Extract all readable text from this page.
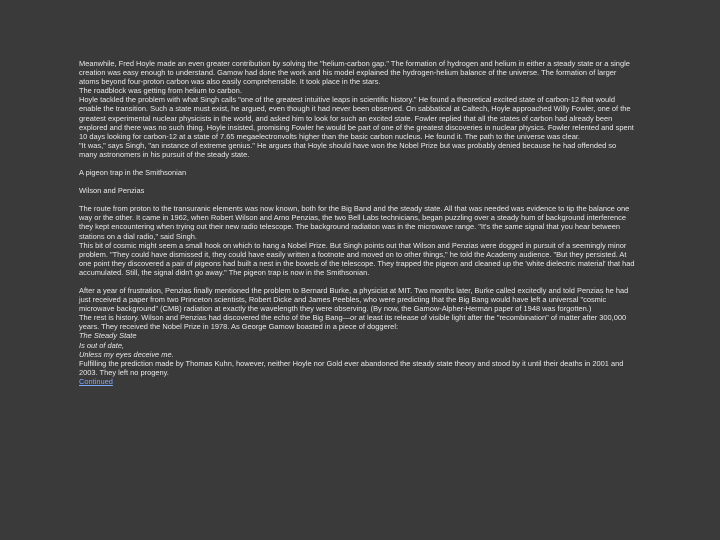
Meanwhile, Fred Hoyle made an even greater contribution by solving the "helium-carbon gap." The formation of hydrogen and helium in either a steady state or a single creation was easy enough to understand. Gamow had done the work and his model explained the hydrogen-helium balance of the universe. The formation of larger atoms beyond four-proton carbon was also easily comprehensible. It took place in the stars.

The roadblock was getting from helium to carbon.

Hoyle tackled the problem with what Singh calls "one of the greatest intuitive leaps in scientific history." He found a theoretical excited state of carbon-12 that would enable the transition. Such a state must exist, he argued, even though it had never been observed. On sabbatical at Caltech, Hoyle approached Willy Fowler, one of the greatest experimental nuclear physicists in the world, and asked him to look for such an excited state. Fowler replied that all the states of carbon had already been explored and there was no such thing. Hoyle insisted, promising Fowler he would be part of one of the greatest discoveries in nuclear physics. Fowler relented and spent 10 days looking for carbon-12 at a state of 7.65 megaelectronvolts higher than the basic carbon nucleus. He found it. The path to the universe was clear.

"It was," says Singh, "an instance of extreme genius." He argues that Hoyle should have won the Nobel Prize but was probably denied because he had offended so many astronomers in his pursuit of the steady state.

A pigeon trap in the Smithsonian

Wilson and Penzias

The route from proton to the transuranic elements was now known, both for the Big Band and the steady state. All that was needed was evidence to tip the balance one way or the other. It came in 1962, when Robert Wilson and Arno Penzias, the two Bell Labs technicians, began puzzling over a steady hum of background interference they kept encountering when trying out their new radio telescope. The background radiation was in the microwave range. "It's the same signal that you hear between stations on a dial radio," said Singh.

This bit of cosmic might seem a small hook on which to hang a Nobel Prize. But Singh points out that Wilson and Penzias were dogged in pursuit of a seemingly minor problem. "They could have dismissed it, they could have easily written a footnote and moved on to other things," he told the Academy audience. "But they persisted. At one point they discovered a pair of pigeons had built a nest in the bowels of the telescope. They trapped the pigeon and cleaned up the 'white dielectric material' that had accumulated. Still, the signal didn't go away." The pigeon trap is now in the Smithsonian.

After a year of frustration, Penzias finally mentioned the problem to Bernard Burke, a physicist at MIT. Two months later, Burke called excitedly and told Penzias he had just received a paper from two Princeton scientists, Robert Dicke and James Peebles, who were predicting that the Big Bang would have left a universal "cosmic microwave background" (CMB) radiation at exactly the wavelength they were observing. (By now, the Gamow-Alpher-Herman paper of 1948 was forgotten.)

The rest is history. Wilson and Penzias had discovered the echo of the Big Bang—or at least its release of visible light after the "recombination" of matter after 300,000 years. They received the Nobel Prize in 1978. As George Gamow boasted in a piece of doggerel:

The Steady State

Is out of date,

Unless my eyes deceive me.

Fulfilling the prediction made by Thomas Kuhn, however, neither Hoyle nor Gold ever abandoned the steady state theory and stood by it until their deaths in 2001 and 2003. They left no progeny.

Continued
